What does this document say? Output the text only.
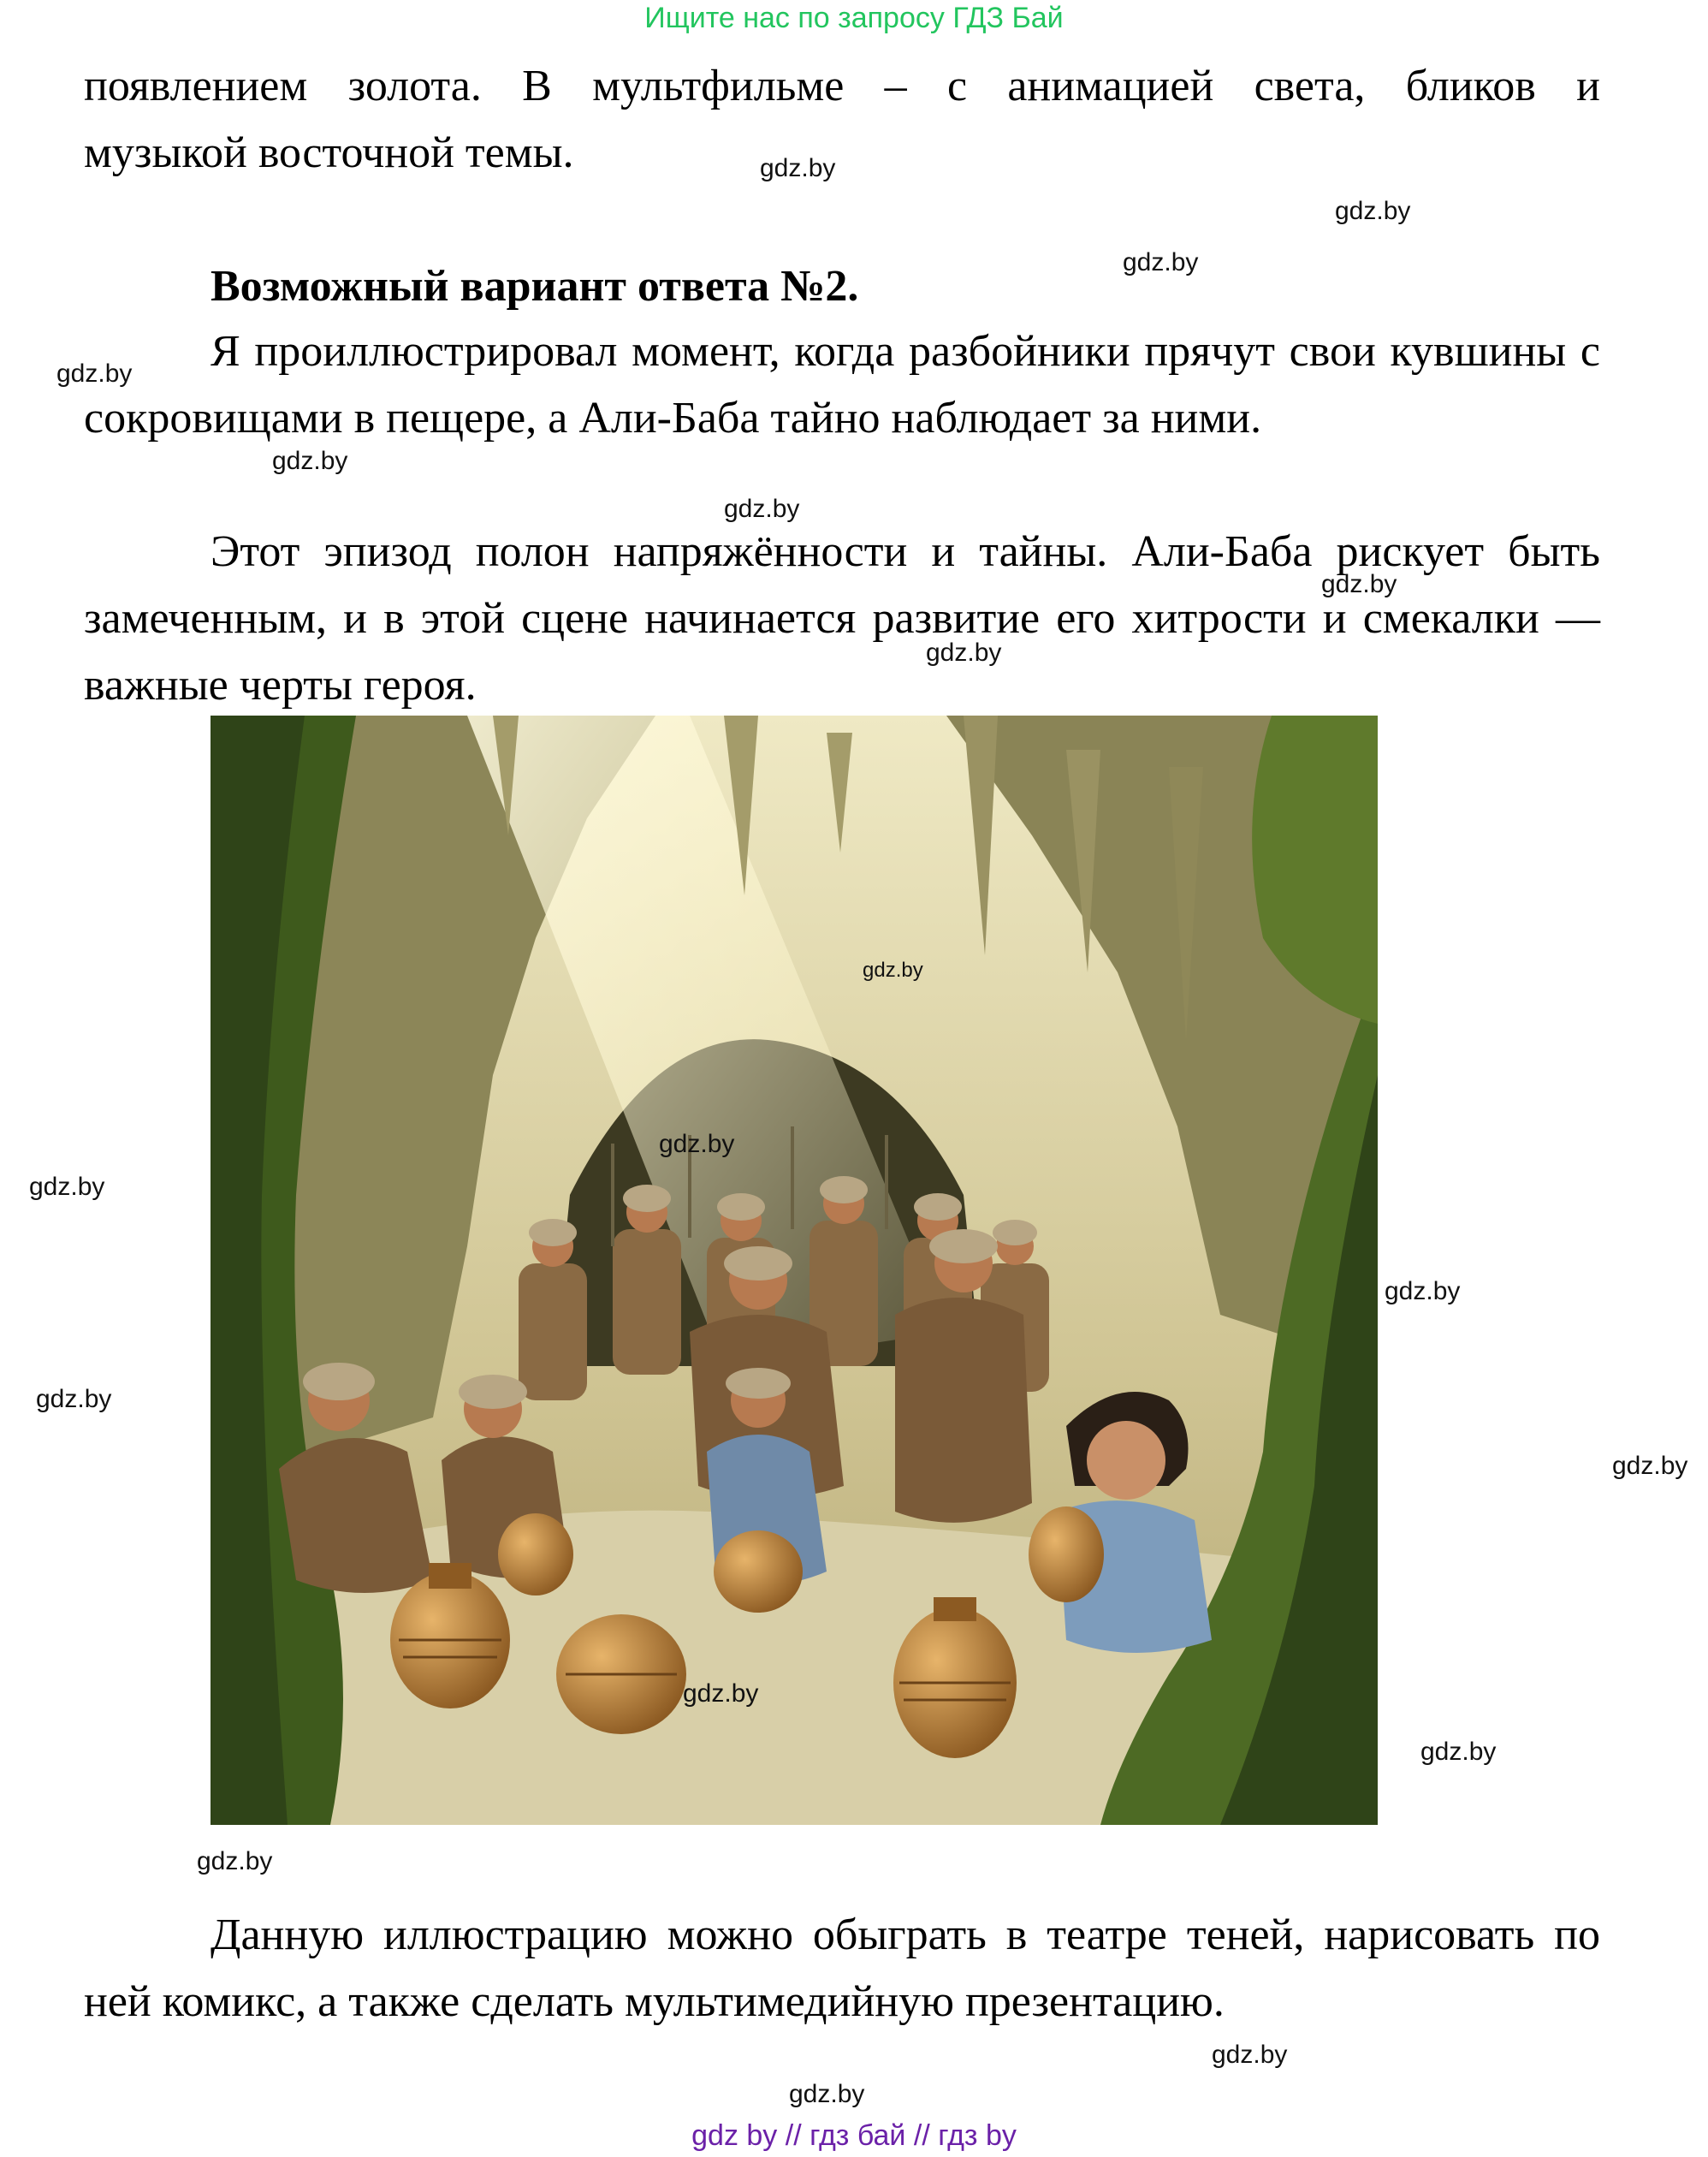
Ищите нас по запросу ГДЗ Бай
появлением золота. В мультфильме – с анимацией света, бликов и
музыкой восточной темы.
Возможный вариант ответа №2.
Я проиллюстрировал момент, когда разбойники прячут свои кувшины с сокровищами в пещере, а Али-Баба тайно наблюдает за ними.
Этот эпизод полон напряжённости и тайны. Али-Баба рискует быть замеченным, и в этой сцене начинается развитие его хитрости и смекалки — важные черты героя.
Данную иллюстрацию можно обыграть в театре теней, нарисовать по ней комикс, а также сделать мультимедийную презентацию.
gdz.by
gdz.by
gdz.by
gdz.by
gdz.by
gdz.by
gdz.by
gdz.by
gdz.by
gdz.by
gdz.by
gdz.by
gdz.by
gdz.by
gdz.by
gdz.by
gdz.by
gdz.by
gdz.by
gdz by // гдз бай // гдз by
